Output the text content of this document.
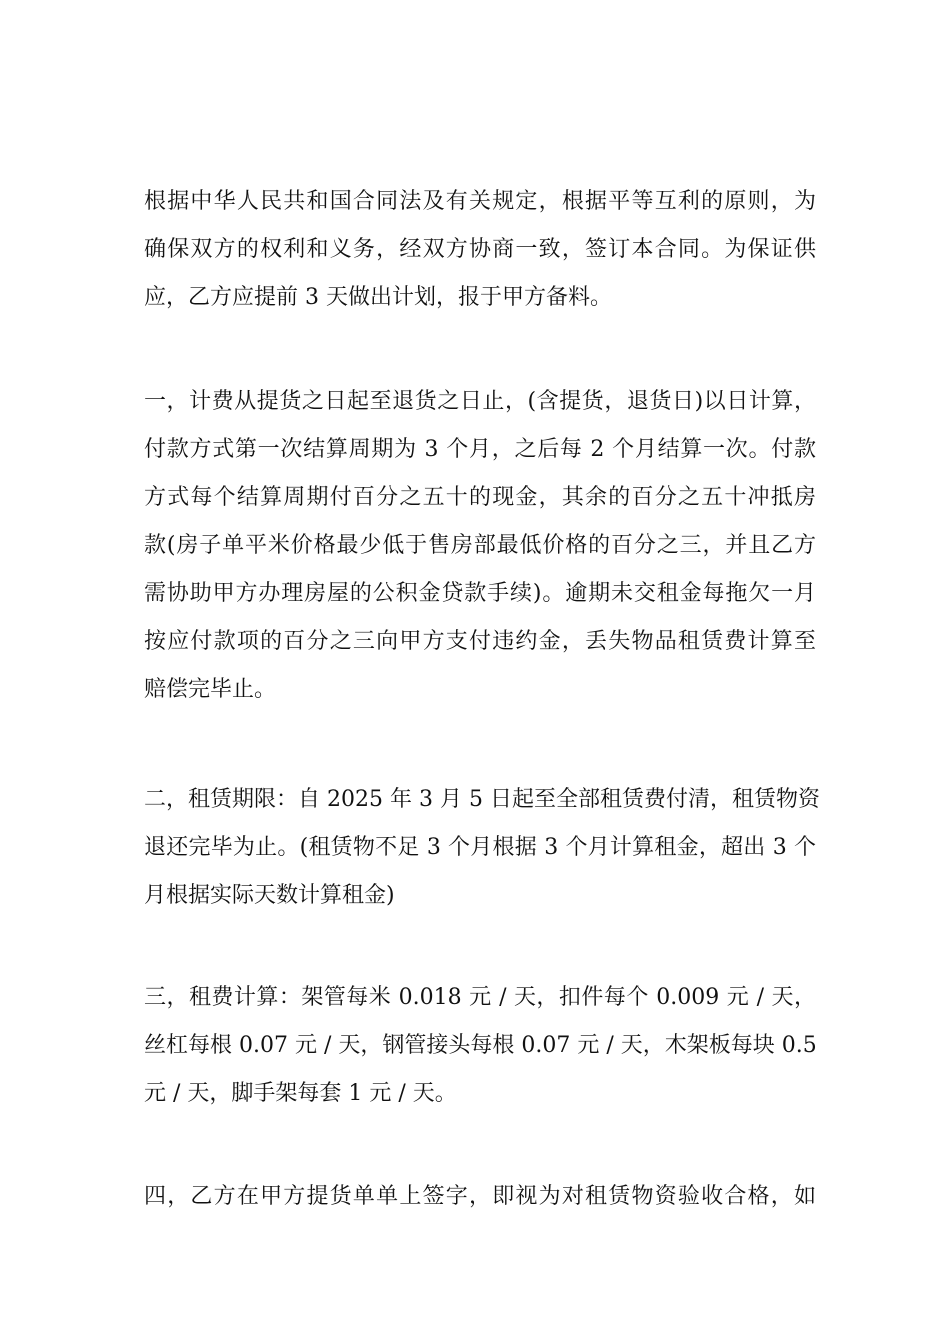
根据中华人民共和国合同法及有关规定，根据平等互利的原则，为
确保双方的权利和义务，经双方协商一致，签订本合同。为保证供
应，乙方应提前 3 天做出计划，报于甲方备料。
一，计费从提货之日起至退货之日止，(含提货，退货日)以日计算，
付款方式第一次结算周期为 3 个月，之后每 2 个月结算一次。付款
方式每个结算周期付百分之五十的现金，其余的百分之五十冲抵房
款(房子单平米价格最少低于售房部最低价格的百分之三，并且乙方
需协助甲方办理房屋的公积金贷款手续)。逾期未交租金每拖欠一月
按应付款项的百分之三向甲方支付违约金，丢失物品租赁费计算至
赔偿完毕止。
二，租赁期限：自 2025 年 3 月 5 日起至全部租赁费付清，租赁物资
退还完毕为止。(租赁物不足 3 个月根据 3 个月计算租金，超出 3 个
月根据实际天数计算租金)
三，租费计算：架管每米 0.018 元 / 天，扣件每个 0.009 元 / 天，
丝杠每根 0.07 元 / 天，钢管接头每根 0.07 元 / 天，木架板每块 0.5
元 / 天，脚手架每套 1 元 / 天。
四，乙方在甲方提货单单上签字，即视为对租赁物资验收合格，如
